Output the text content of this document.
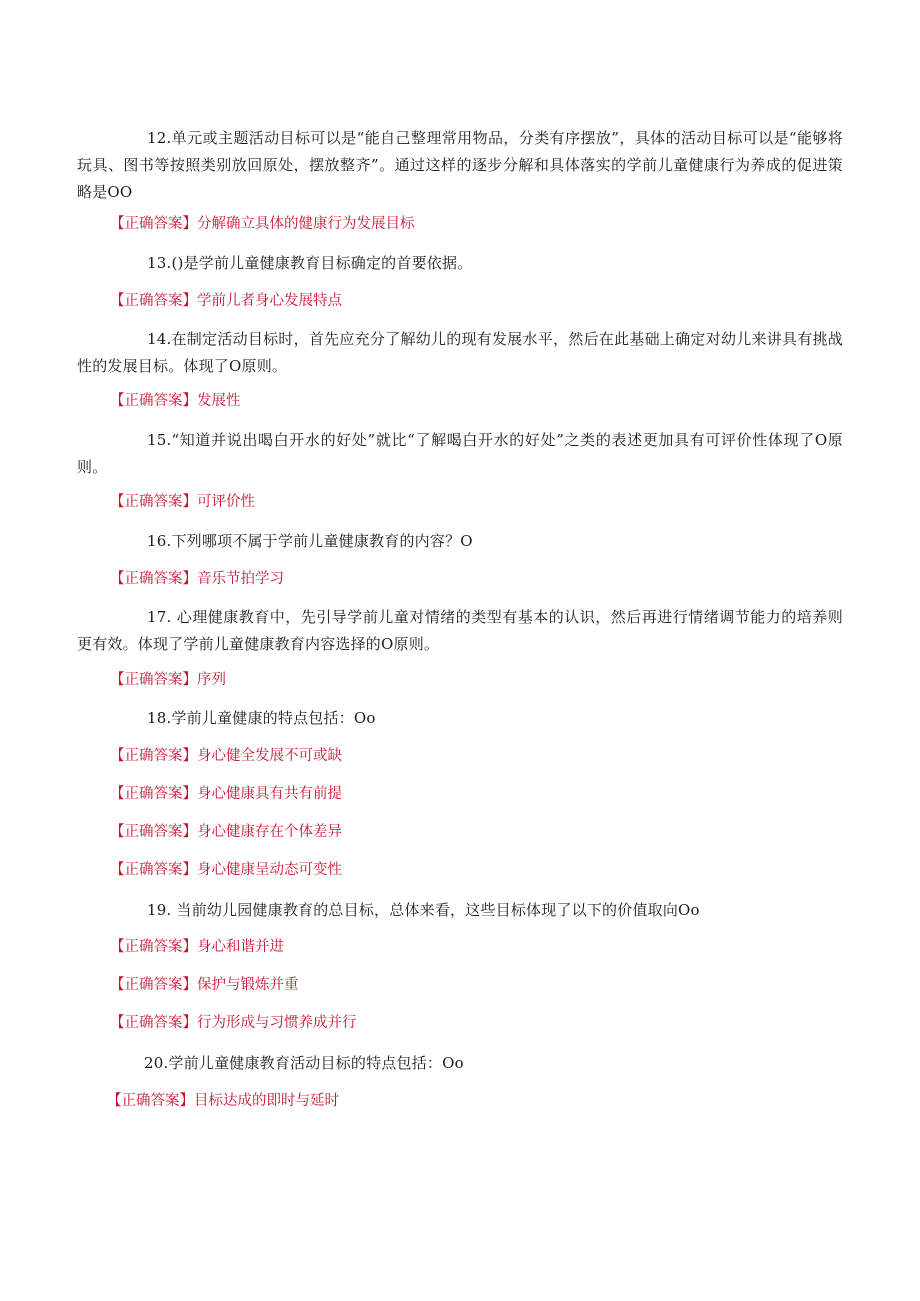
12.单元或主题活动目标可以是“能自己整理常用物品，分类有序摆放”，具体的活动目标可以是“能够将玩具、图书等按照类别放回原处，摆放整齐”。通过这样的逐步分解和具体落实的学前儿童健康行为养成的促进策略是OO

【正确答案】分解确立具体的健康行为发展目标

13.()是学前儿童健康教育目标确定的首要依据。

【正确答案】学前儿者身心发展特点

14.在制定活动目标时，首先应充分了解幼儿的现有发展水平，然后在此基础上确定对幼儿来讲具有挑战性的发展目标。体现了O原则。

【正确答案】发展性

15.“知道并说出喝白开水的好处”就比“了解喝白开水的好处”之类的表述更加具有可评价性体现了O原则。

【正确答案】可评价性

16.下列哪项不属于学前儿童健康教育的内容？O

【正确答案】音乐节拍学习

17. 心理健康教育中，先引导学前儿童对情绪的类型有基本的认识，然后再进行情绪调节能力的培养则更有效。体现了学前儿童健康教育内容选择的O原则。

【正确答案】序列

18.学前儿童健康的特点包括：Oo

【正确答案】身心健全发展不可或缺

【正确答案】身心健康具有共有前提

【正确答案】身心健康存在个体差异

【正确答案】身心健康呈动态可变性

19. 当前幼儿园健康教育的总目标，总体来看，这些目标体现了以下的价值取向Oo

【正确答案】身心和谐并进

【正确答案】保护与锻炼并重

【正确答案】行为形成与习惯养成并行

20.学前儿童健康教育活动目标的特点包括：Oo

【正确答案】目标达成的即时与延时
